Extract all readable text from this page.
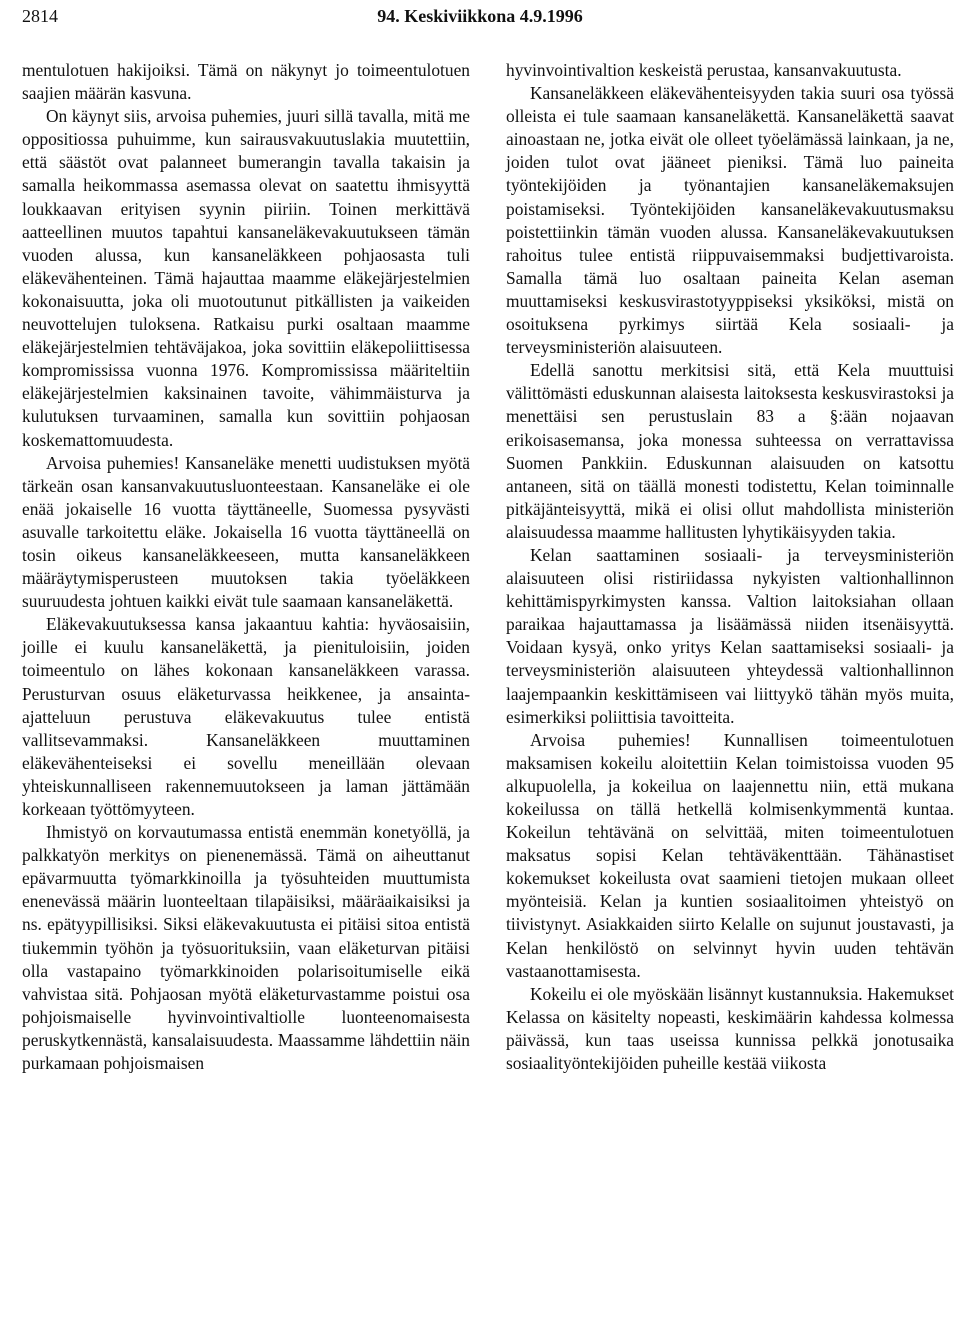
2814	94. Keskiviikkona 4.9.1996

mentulotuen hakijoiksi. Tämä on näkynyt jo toimeentulotuen saajien määrän kasvuna.

On käynyt siis, arvoisa puhemies, juuri sillä tavalla, mitä me oppositiossa puhuimme, kun sairausvakuutuslakia muutettiin, että säästöt ovat palanneet bumerangin tavalla takaisin ja samalla heikommassa asemassa olevat on saatettu ihmisyyttä loukkaavan erityisen syynin piiriin. Toinen merkittävä aatteellinen muutos tapahtui kansaneläkevakuutukseen tämän vuoden alussa, kun kansaneläkkeen pohjaosasta tuli eläkevähenteinen. Tämä hajauttaa maamme eläkejärjestelmien kokonaisuutta, joka oli muotoutunut pitkällisten ja vaikeiden neuvottelujen tuloksena. Ratkaisu purki osaltaan maamme eläkejärjestelmien tehtäväjakoa, joka sovittiin eläkepoliittisessa kompromississa vuonna 1976. Kompromississa määriteltiin eläkejärjestelmien kaksinainen tavoite, vähimmäisturva ja kulutuksen turvaaminen, samalla kun sovittiin pohjaosan koskemattomuudesta.

Arvoisa puhemies! Kansaneläke menetti uudistuksen myötä tärkeän osan kansanvakuutusluonteestaan. Kansaneläke ei ole enää jokaiselle 16 vuotta täyttäneelle, Suomessa pysyvästi asuvalle tarkoitettu eläke. Jokaisella 16 vuotta täyttäneellä on tosin oikeus kansaneläkkeeseen, mutta kansaneläkkeen määräytymisperusteen muutoksen takia työeläkkeen suuruudesta johtuen kaikki eivät tule saamaan kansaneläkettä.

Eläkevakuutuksessa kansa jakaantuu kahtia: hyväosaisiin, joille ei kuulu kansaneläkettä, ja pienituloisiin, joiden toimeentulo on lähes kokonaan kansaneläkkeen varassa. Perusturvan osuus eläketurvassa heikkenee, ja ansainta-ajatteluun perustuva eläkevakuutus tulee entistä vallitsevammaksi. Kansaneläkkeen muuttaminen eläkevähenteiseksi ei sovellu meneillään olevaan yhteiskunnalliseen rakennemuutokseen ja laman jättämään korkeaan työttömyyteen.

Ihmistyö on korvautumassa entistä enemmän konetyöllä, ja palkkatyön merkitys on pienenemässä. Tämä on aiheuttanut epävarmuutta työmarkkinoilla ja työsuhteiden muuttumista enenevässä määrin luonteeltaan tilapäisiksi, määräaikaisiksi ja ns. epätyypillisiksi. Siksi eläkevakuutusta ei pitäisi sitoa entistä tiukemmin työhön ja työsuorituksiin, vaan eläketurvan pitäisi olla vastapaino työmarkkinoiden polarisoitumiselle eikä vahvistaa sitä. Pohjaosan myötä eläketurvastamme poistui osa pohjoismaiselle hyvinvointivaltiolle luonteenomaisesta peruskytkennästä, kansalaisuudesta. Maassamme lähdettiin näin purkamaan pohjoismaisen

hyvinvointivaltion keskeistä perustaa, kansanvakuutusta.

Kansaneläkkeen eläkevähenteisyyden takia suuri osa työssä olleista ei tule saamaan kansaneläkettä. Kansaneläkettä saavat ainoastaan ne, jotka eivät ole olleet työelämässä lainkaan, ja ne, joiden tulot ovat jääneet pieniksi. Tämä luo paineita työntekijöiden ja työnantajien kansaneläkemaksujen poistamiseksi. Työntekijöiden kansaneläkevakuutusmaksu poistettiinkin tämän vuoden alussa. Kansaneläkevakuutuksen rahoitus tulee entistä riippuvaisemmaksi budjettivaroista. Samalla tämä luo osaltaan paineita Kelan aseman muuttamiseksi keskusvirastotyyppiseksi yksiköksi, mistä on osoituksena pyrkimys siirtää Kela sosiaali- ja terveysministeriön alaisuuteen.

Edellä sanottu merkitsisi sitä, että Kela muuttuisi välittömästi eduskunnan alaisesta laitoksesta keskusvirastoksi ja menettäisi sen perustuslain 83 a §:ään nojaavan erikoisasemansa, joka monessa suhteessa on verrattavissa Suomen Pankkiin. Eduskunnan alaisuuden on katsottu antaneen, sitä on täällä monesti todistettu, Kelan toiminnalle pitkäjänteisyyttä, mikä ei olisi ollut mahdollista ministeriön alaisuudessa maamme hallitusten lyhytikäisyyden takia.

Kelan saattaminen sosiaali- ja terveysministeriön alaisuuteen olisi ristiriidassa nykyisten valtionhallinnon kehittämispyrkimysten kanssa. Valtion laitoksiahan ollaan paraikaa hajauttamassa ja lisäämässä niiden itsenäisyyttä. Voidaan kysyä, onko yritys Kelan saattamiseksi sosiaali- ja terveysministeriön alaisuuteen yhteydessä valtionhallinnon laajempaankin keskittämiseen vai liittyykö tähän myös muita, esimerkiksi poliittisia tavoitteita.

Arvoisa puhemies! Kunnallisen toimeentulotuen maksamisen kokeilu aloitettiin Kelan toimistoissa vuoden 95 alkupuolella, ja kokeilua on laajennettu niin, että mukana kokeilussa on tällä hetkellä kolmisenkymmentä kuntaa. Kokeilun tehtävänä on selvittää, miten toimeentulotuen maksatus sopisi Kelan tehtäväkenttään. Tähänastiset kokemukset kokeilusta ovat saamieni tietojen mukaan olleet myönteisiä. Kelan ja kuntien sosiaalitoimen yhteistyö on tiivistynyt. Asiakkaiden siirto Kelalle on sujunut joustavasti, ja Kelan henkilöstö on selvinnyt hyvin uuden tehtävän vastaanottamisesta.

Kokeilu ei ole myöskään lisännyt kustannuksia. Hakemukset Kelassa on käsitelty nopeasti, keskimäärin kahdessa kolmessa päivässä, kun taas useissa kunnissa pelkkä jonotusaika sosiaalityöntekijöiden puheille kestää viikosta
